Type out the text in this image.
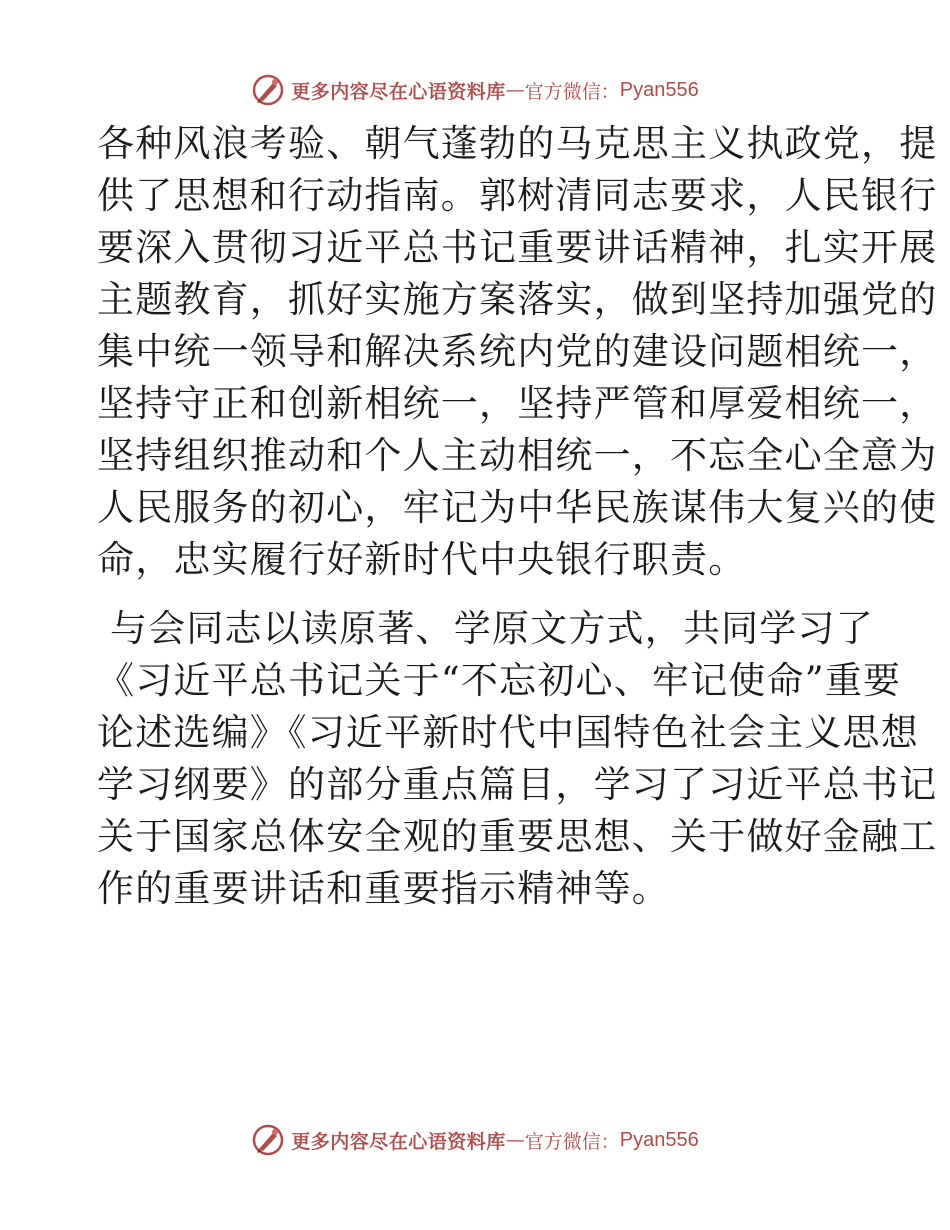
更多内容尽在心语资料库 — 官方微信： Pyan556
各种风浪考验、朝气蓬勃的马克思主义执政党，提
供了思想和行动指南。郭树清同志要求，人民银行
要深入贯彻习近平总书记重要讲话精神，扎实开展
主题教育，抓好实施方案落实，做到坚持加强党的
集中统一领导和解决系统内党的建设问题相统一，
坚持守正和创新相统一，坚持严管和厚爱相统一，
坚持组织推动和个人主动相统一，不忘全心全意为
人民服务的初心，牢记为中华民族谋伟大复兴的使
命，忠实履行好新时代中央银行职责。
与会同志以读原著、学原文方式，共同学习了
《习近平总书记关于“不忘初心、牢记使命”重要
论述选编》《习近平新时代中国特色社会主义思想
学习纲要》的部分重点篇目，学习了习近平总书记
关于国家总体安全观的重要思想、关于做好金融工
作的重要讲话和重要指示精神等。
更多内容尽在心语资料库 — 官方微信： Pyan556
